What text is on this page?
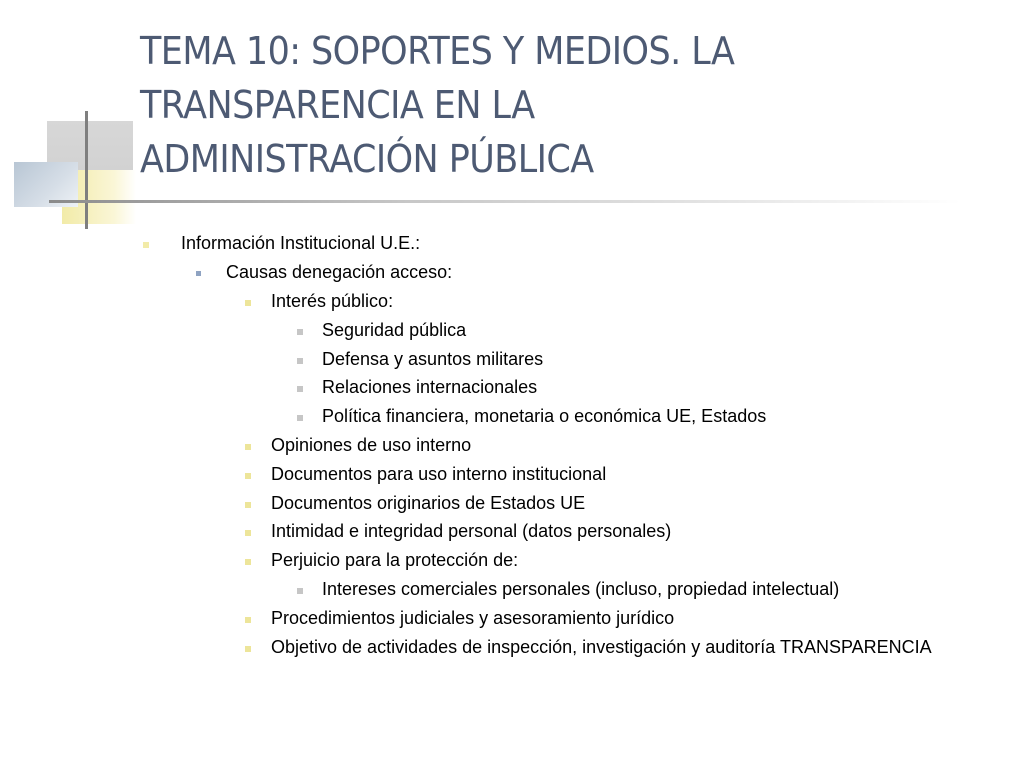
TEMA 10: SOPORTES Y MEDIOS. LA
TRANSPARENCIA EN LA
ADMINISTRACIÓN PÚBLICA
Información Institucional U.E.:
Causas denegación acceso:
Interés público:
Seguridad pública
Defensa y asuntos militares
Relaciones internacionales
Política financiera, monetaria o económica UE, Estados
Opiniones de uso interno
Documentos para uso interno institucional
Documentos originarios de Estados UE
Intimidad e integridad personal (datos personales)
Perjuicio para la protección de:
Intereses comerciales personales (incluso, propiedad intelectual)
Procedimientos judiciales y asesoramiento jurídico
Objetivo de actividades de inspección, investigación y auditoría TRANSPARENCIA
